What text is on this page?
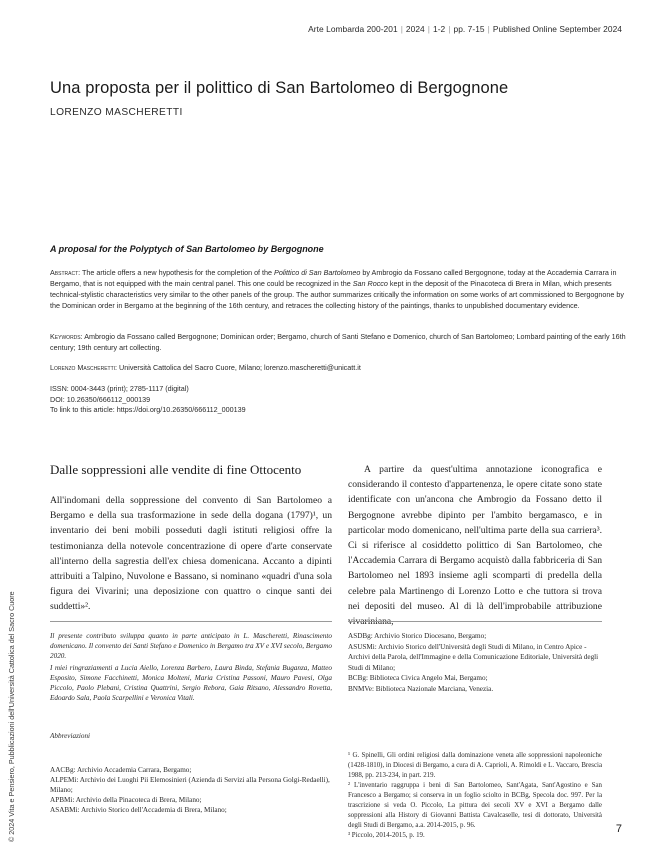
Arte Lombarda 200-201 | 2024 | 1-2 | pp. 7-15 | Published Online September 2024
Una proposta per il polittico di San Bartolomeo di Bergognone
LORENZO MASCHERETTI
A proposal for the Polyptych of San Bartolomeo by Bergognone
Abstract: The article offers a new hypothesis for the completion of the Polittico di San Bartolomeo by Ambrogio da Fossano called Bergognone, today at the Accademia Carrara in Bergamo, that is not equipped with the main central panel. This one could be recognized in the San Rocco kept in the deposit of the Pinacoteca di Brera in Milan, which presents technical-stylistic characteristics very similar to the other panels of the group. The author summarizes critically the information on some works of art commissioned to Bergognone by the Dominican order in Bergamo at the beginning of the 16th century, and retraces the collecting history of the paintings, thanks to unpublished documentary evidence.
Keywords: Ambrogio da Fossano called Bergognone; Dominican order; Bergamo, church of Santi Stefano e Domenico, church of San Bartolomeo; Lombard painting of the early 16th century; 19th century art collecting.
Lorenzo Mascheretti: Università Cattolica del Sacro Cuore, Milano; lorenzo.mascheretti@unicatt.it
ISSN: 0004-3443 (print); 2785-1117 (digital)
DOI: 10.26350/666112_000139
To link to this article: https://doi.org/10.26350/666112_000139
Dalle soppressioni alle vendite di fine Ottocento

All'indomani della soppressione del convento di San Bartolomeo a Bergamo e della sua trasformazione in sede della dogana (1797)¹, un inventario dei beni mobili posseduti dagli istituti religiosi offre la testimonianza della notevole concentrazione di opere d'arte conservate all'interno della sagrestia dell'ex chiesa domenicana. Accanto a dipinti attribuiti a Talpino, Nuvolone e Bassano, si nominano «quadri d'una sola figura dei Vivarini; una deposizione con quattro o cinque santi dei suddetti»².

A partire da quest'ultima annotazione iconografica e considerando il contesto d'appartenenza, le opere citate sono state identificate con un'ancona che Ambrogio da Fossano detto il Bergognone avrebbe dipinto per l'ambito bergamasco, e in particolar modo domenicano, nell'ultima parte della sua carriera³. Ci si riferisce al cosiddetto polittico di San Bartolomeo, che l'Accademia Carrara di Bergamo acquistò dalla fabbriceria di San Bartolomeo nel 1893 insieme agli scomparti di predella della celebre pala Martinengo di Lorenzo Lotto e che tuttora si trova nei depositi del museo. Al di là dell'improbabile attribuzione vivariniana,

Il presente contributo sviluppa quanto in parte anticipato in L. Mascheretti, Rinascimento domenicano. Il convento dei Santi Stefano e Domenico in Bergamo tra XV e XVI secolo, Bergamo 2020.

I miei ringraziamenti a Lucia Aiello, Lorenza Barbero, Laura Binda, Stefania Buganza, Matteo Esposito, Simone Facchinetti, Monica Molteni, Maria Cristina Passoni, Mauro Pavesi, Olga Piccolo, Paolo Plebani, Cristina Quattrini, Sergio Rebora, Gaia Ritsano, Alessandro Rovetta, Edoardo Sala, Paola Scarpellini e Veronica Vitali.

Abbreviazioni

AACBg: Archivio Accademia Carrara, Bergamo;
ALPEMi: Archivio dei Luoghi Pii Elemosinieri (Azienda di Servizi alla Persona Golgi-Redaelli), Milano;
APBMi: Archivio della Pinacoteca di Brera, Milano;
ASABMi: Archivio Storico dell'Accademia di Brera, Milano;
ASDBg: Archivio Storico Diocesano, Bergamo;
ASUSMi: Archivio Storico dell'Università degli Studi di Milano, in Centro Apice - Archivi della Parola, dell'Immagine e della Comunicazione Editoriale, Università degli Studi di Milano;
BCBg: Biblioteca Civica Angelo Mai, Bergamo;
BNMVe: Biblioteca Nazionale Marciana, Venezia.

¹ G. Spinelli, Gli ordini religiosi dalla dominazione veneta alle soppressioni napoleoniche (1428-1810), in Diocesi di Bergamo, a cura di A. Caprioli, A. Rimoldi e L. Vaccaro, Brescia 1988, pp. 213-234, in part. 219.

² L'inventario raggruppa i beni di San Bartolomeo, Sant'Agata, Sant'Agostino e San Francesco a Bergamo; si conserva in un foglio sciolto in BCBg, Specola doc. 997. Per la trascrizione si veda O. Piccolo, La pittura dei secoli XV e XVI a Bergamo dalle soppressioni alla History di Giovanni Battista Cavalcaselle, tesi di dottorato, Università degli Studi di Bergamo, a.a. 2014-2015, p. 96.

³ Piccolo, 2014-2015, p. 19.

7
© 2024 Vita e Pensiero, Pubblicazioni dell'Università Cattolica del Sacro Cuore
